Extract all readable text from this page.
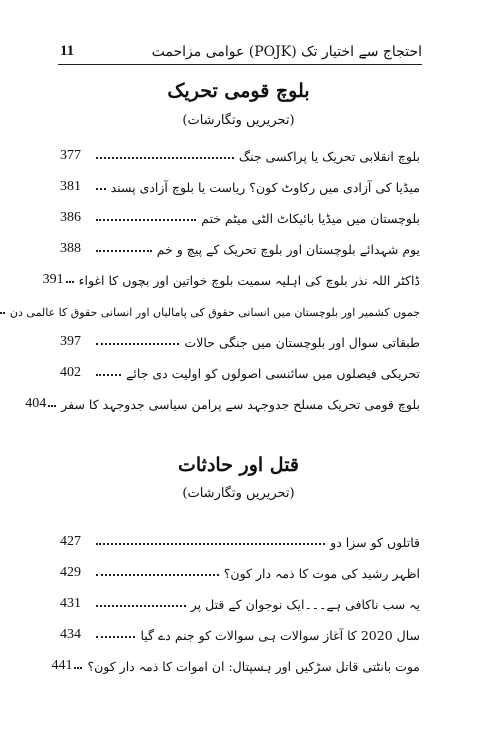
11	احتجاج سے اختیار تک (POJK) عوامی مزاحمت
بلوچ قومی تحریک
(تحریریں وتگارشات)
بلوچ انقلابی تحریک یا پراکسی جنگ
377
میڈیا کی آزادی میں رکاوٹ کون؟ ریاست یا بلوچ آزادی پسند
381
بلوچستان میں میڈیا بائیکاٹ الٹی میٹم ختم
386
یوم شہدائے بلوچستان اور بلوچ تحریک کے پیچ و خم
388
ڈاکٹر اللہ نذر بلوچ کی اہلیہ سمیت بلوچ خواتین اور بچوں کا اغواء
391
جموں کشمیر اور بلوچستان میں انسانی حقوق کی پامالیاں اور انسانی حقوق کا عالمی دن
طبقاتی سوال اور بلوچستان میں جنگی حالات
397
تحریکی فیصلوں میں سائنسی اصولوں کو اولیت دی جائے
402
بلوچ قومی تحریک مسلح جدوجہد سے پرامن سیاسی جدوجہد کا سفر
404
قتل اور حادثات
(تحریریں وتگارشات)
قاتلوں کو سزا دو
427
اظہر رشید کی موت کا ذمہ دار کون؟
429
یہ سب ناکافی ہے۔۔۔ایک نوجوان کے قتل پر
431
سال 2020 کا آغاز سوالات ہی سوالات کو جنم دے گیا
434
موت بانٹتی قاتل سڑکیں اور ہسپتال: ان اموات کا ذمہ دار کون؟
441
